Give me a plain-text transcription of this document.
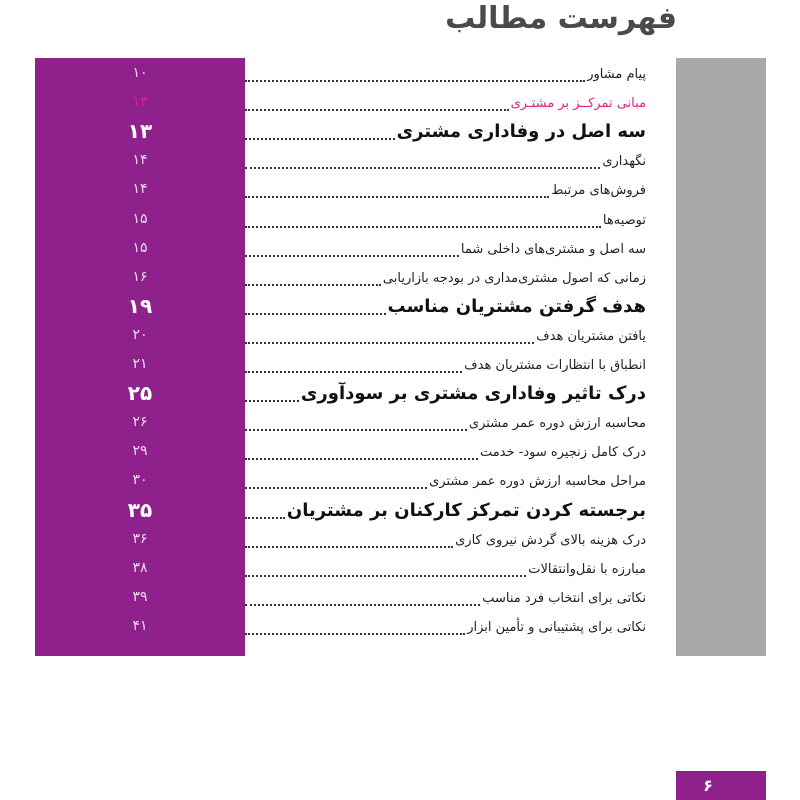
فهرست مطالب
۱۰	پیام مشاور
۱۳	مبانی تمرکــز بر مشتـری
۱۳	سه اصل در وفاداری مشتری
۱۴	نگهداری
۱۴	فروش‌های مرتبط
۱۵	توصیه‌ها
۱۵	سه اصل و مشتری‌های داخلی شما
۱۶	زمانی که اصول مشتری‌مداری در بودجه بازاریابی
۱۹	هدف گرفتن مشتریان مناسب
۲۰	یافتن مشتریان هدف
۲۱	انطباق با انتظارات مشتریان هدف
۲۵	درک تاثیر وفاداری مشتری بر سودآوری
۲۶	محاسبه ارزش دوره عمر مشتری
۲۹	درک کامل زنجیره سود- خدمت
۳۰	مراحل محاسبه ارزش دوره عمر مشتری
۳۵	برجسته کردن تمرکز کارکنان بر مشتریان
۳۶	درک هزینه بالای گردش نیروی کاری
۳۸	مبارزه با نقل‌وانتقالات
۳۹	نکاتی برای انتخاب فرد مناسب
۴۱	نکاتی برای پشتیبانی و تأمین ابزار
۶
